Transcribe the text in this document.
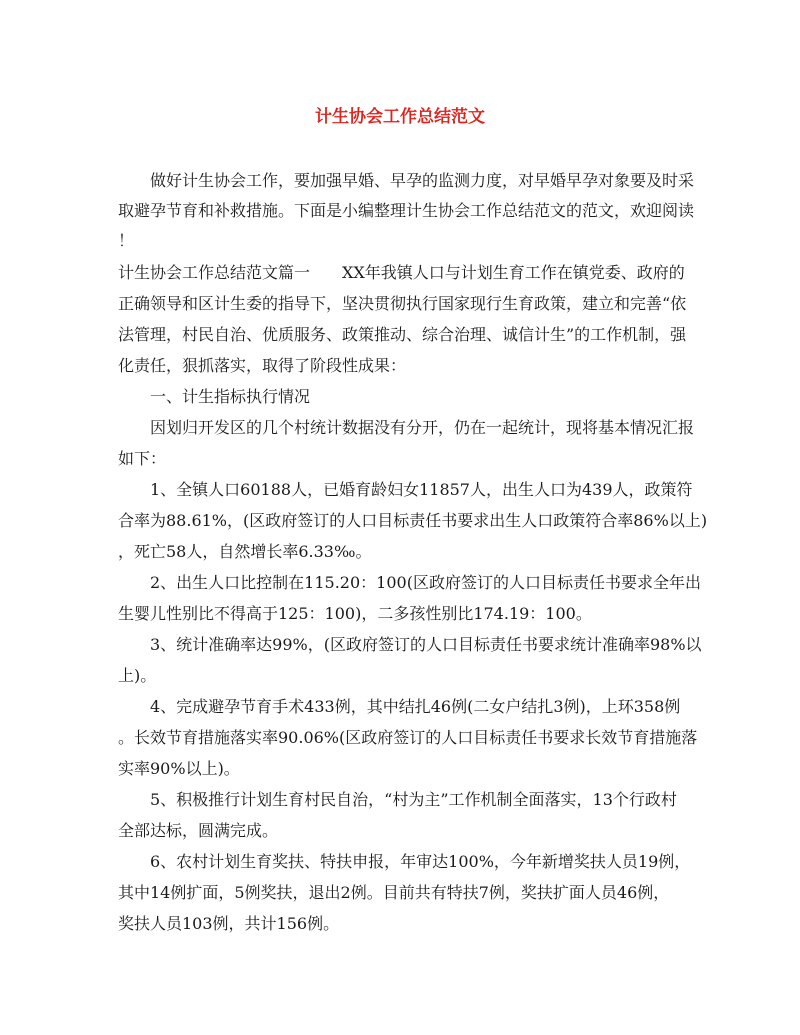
计生协会工作总结范文
　　做好计生协会工作，要加强早婚、早孕的监测力度，对早婚早孕对象要及时采
取避孕节育和补救措施。下面是小编整理计生协会工作总结范文的范文，欢迎阅读
！
计生协会工作总结范文篇一　　XX年我镇人口与计划生育工作在镇党委、政府的
正确领导和区计生委的指导下，坚决贯彻执行国家现行生育政策，建立和完善“依
法管理，村民自治、优质服务、政策推动、综合治理、诚信计生”的工作机制，强
化责任，狠抓落实，取得了阶段性成果：
　　一、计生指标执行情况
　　因划归开发区的几个村统计数据没有分开，仍在一起统计，现将基本情况汇报
如下：
　　1、全镇人口60188人，已婚育龄妇女11857人，出生人口为439人，政策符
合率为88.61%，(区政府签订的人口目标责任书要求出生人口政策符合率86%以上)
，死亡58人，自然增长率6.33‰。
　　2、出生人口比控制在115.20：100(区政府签订的人口目标责任书要求全年出
生婴儿性别比不得高于125：100)，二多孩性别比174.19：100。
　　3、统计准确率达99%，(区政府签订的人口目标责任书要求统计准确率98%以
上)。
　　4、完成避孕节育手术433例，其中结扎46例(二女户结扎3例)，上环358例
。长效节育措施落实率90.06%(区政府签订的人口目标责任书要求长效节育措施落
实率90%以上)。
　　5、积极推行计划生育村民自治，“村为主”工作机制全面落实，13个行政村
全部达标，圆满完成。
　　6、农村计划生育奖扶、特扶申报，年审达100%，今年新增奖扶人员19例，
其中14例扩面，5例奖扶，退出2例。目前共有特扶7例，奖扶扩面人员46例，
奖扶人员103例，共计156例。
